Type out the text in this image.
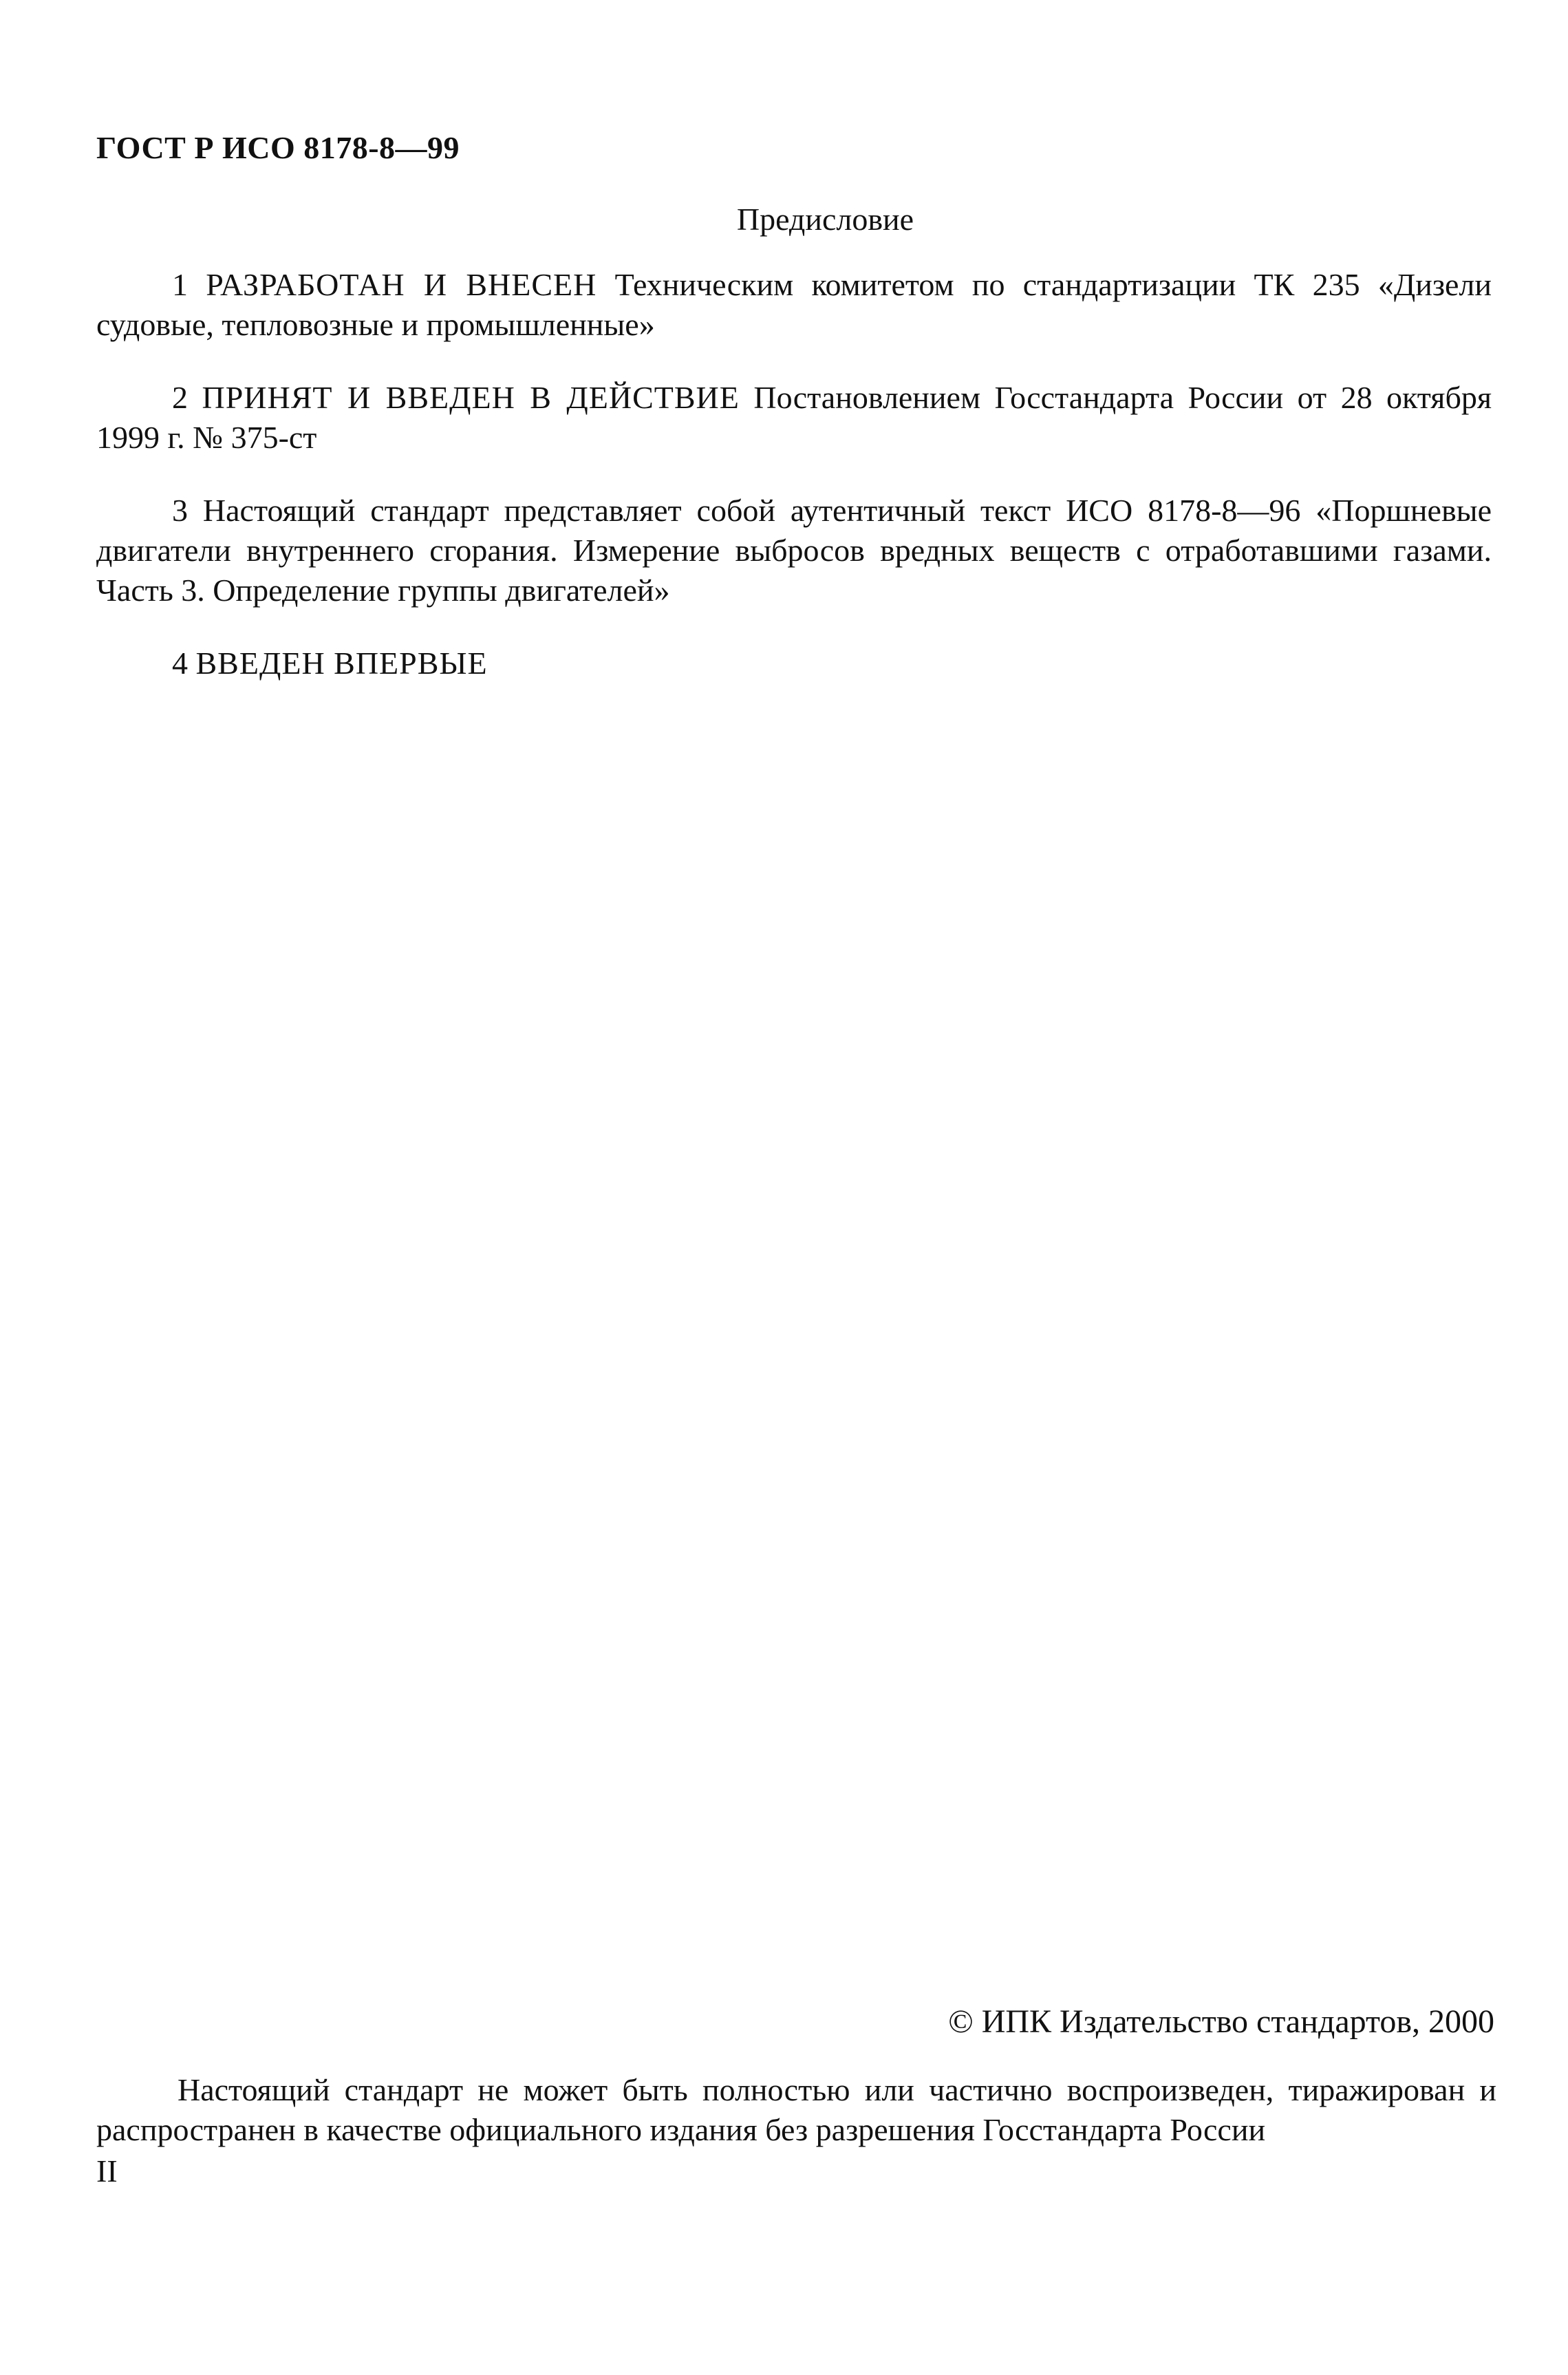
ГОСТ Р ИСО 8178-8—99
Предисловие

1 РАЗРАБОТАН И ВНЕСЕН Техническим комитетом по стандартизации ТК 235 «Дизели судовые, тепловозные и промышленные»

2 ПРИНЯТ И ВВЕДЕН В ДЕЙСТВИЕ Постановлением Госстандарта России от 28 октября 1999 г. № 375-ст

3 Настоящий стандарт представляет собой аутентичный текст ИСО 8178-8—96 «Поршневые двигатели внутреннего сгорания. Измерение выбросов вредных веществ с отработавшими газами. Часть 3. Определение группы двигателей»

4 ВВЕДЕН ВПЕРВЫЕ

© ИПК Издательство стандартов, 2000
Настоящий стандарт не может быть полностью или частично воспроизведен, тиражирован и распространен в качестве официального издания без разрешения Госстандарта России
II
